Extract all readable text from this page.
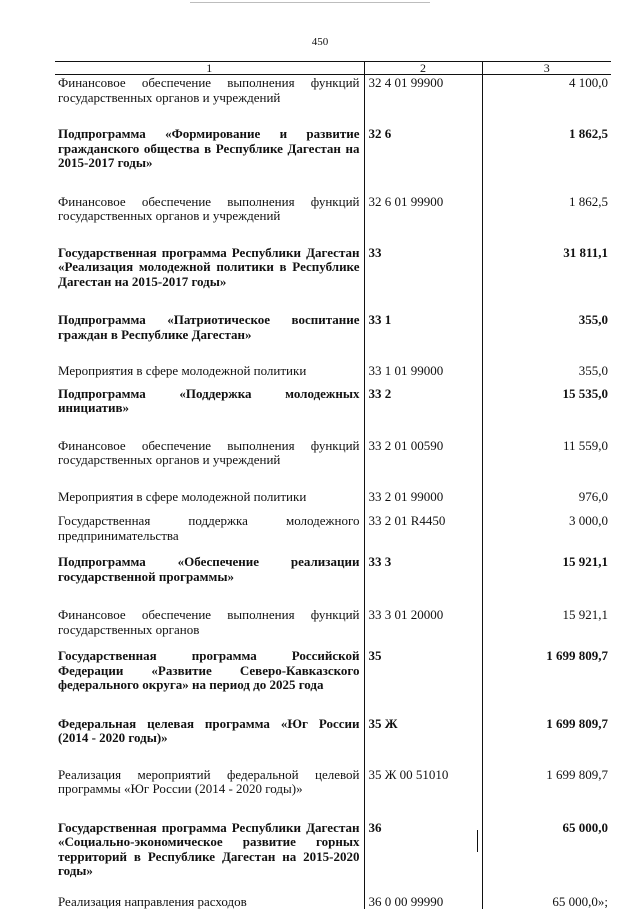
450
1	2	3
Финансовое обеспечение выполнения функций государственных органов и учреждений	32 4 01 99900	4 100,0
Подпрограмма «Формирование и развитие гражданского общества в Республике Дагестан на 2015-2017 годы»	32 6	1 862,5
Финансовое обеспечение выполнения функций государственных органов и учреждений	32 6 01 99900	1 862,5
Государственная программа Республики Дагестан «Реализация молодежной политики в Республике Дагестан на 2015-2017 годы»	33	31 811,1
Подпрограмма «Патриотическое воспитание граждан в Республике Дагестан»	33 1	355,0
Мероприятия в сфере молодежной политики	33 1 01 99000	355,0
Подпрограмма «Поддержка молодежных инициатив»	33 2	15 535,0
Финансовое обеспечение выполнения функций государственных органов и учреждений	33 2 01 00590	11 559,0
Мероприятия в сфере молодежной политики	33 2 01 99000	976,0
Государственная поддержка молодежного предпринимательства	33 2 01 R4450	3 000,0
Подпрограмма «Обеспечение реализации государственной программы»	33 3	15 921,1
Финансовое обеспечение выполнения функций государственных органов	33 3 01 20000	15 921,1
Государственная программа Российской Федерации «Развитие Северо-Кавказского федерального округа» на период до 2025 года	35	1 699 809,7
Федеральная целевая программа «Юг России (2014 - 2020 годы)»	35 Ж	1 699 809,7
Реализация мероприятий федеральной целевой программы «Юг России (2014 - 2020 годы)»	35 Ж 00 51010	1 699 809,7
Государственная программа Республики Дагестан «Социально-экономическое развитие горных территорий в Республике Дагестан на 2015-2020 годы»	36	65 000,0
Реализация направления расходов	36 0 00 99990	65 000,0»;
